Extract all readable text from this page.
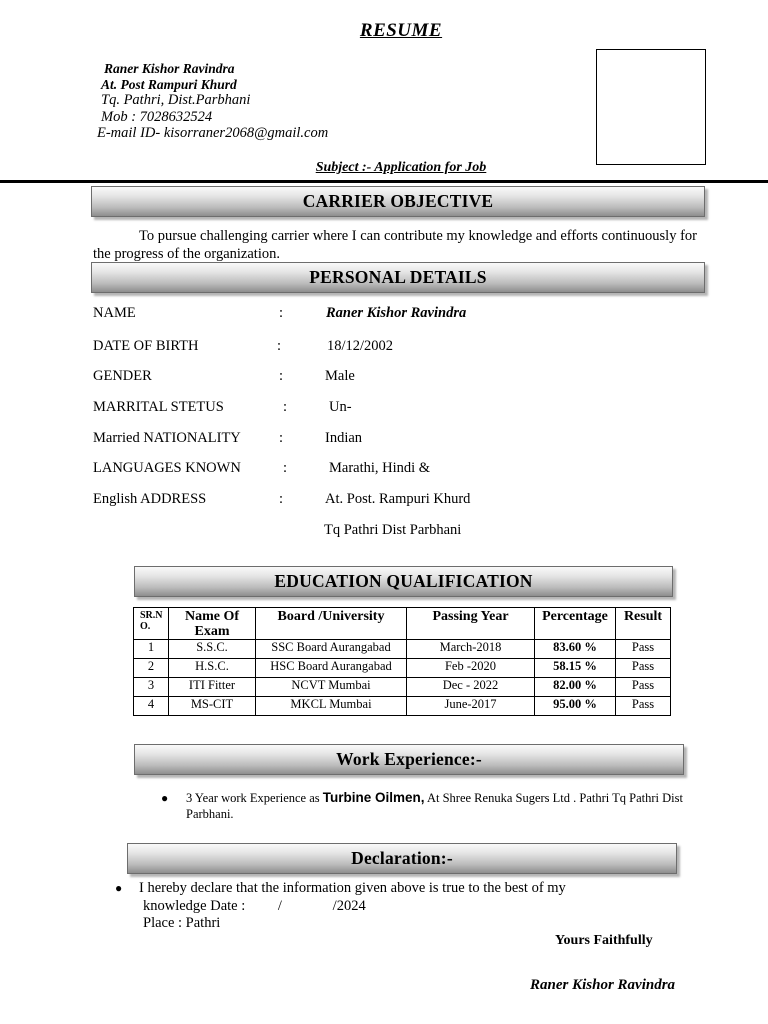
RESUME
Raner Kishor Ravindra
At. Post Rampuri Khurd
Tq. Pathri, Dist.Parbhani
Mob : 7028632524
E-mail ID- kisorraner2068@gmail.com
Subject :- Application for Job
CARRIER OBJECTIVE
To pursue challenging carrier where I can contribute my knowledge and efforts continuously for the progress of the organization.
PERSONAL DETAILS
NAME	:	Raner Kishor Ravindra
DATE OF BIRTH	:	18/12/2002
GENDER	:	Male
MARRITAL STETUS	:	Un-
Married NATIONALITY	:	Indian
LANGUAGES KNOWN	:	Marathi, Hindi &
English ADDRESS	:	At. Post. Rampuri Khurd
Tq Pathri Dist Parbhani
EDUCATION QUALIFICATION
SR.N O.	Name Of Exam	Board /University	Passing Year	Percentage	Result
1	S.S.C.	SSC Board Aurangabad	March-2018	83.60 %	Pass
2	H.S.C.	HSC Board Aurangabad	Feb -2020	58.15 %	Pass
3	ITI Fitter	NCVT Mumbai	Dec - 2022	82.00 %	Pass
4	MS-CIT	MKCL Mumbai	June-2017	95.00 %	Pass
Work Experience:-
● 3 Year work Experience as Turbine Oilmen, At Shree Renuka Sugers Ltd . Pathri Tq Pathri Dist Parbhani.
Declaration:-
● I hereby declare that the information given above is true to the best of my
knowledge Date :         /              /2024
Place : Pathri
Yours Faithfully
Raner Kishor Ravindra
